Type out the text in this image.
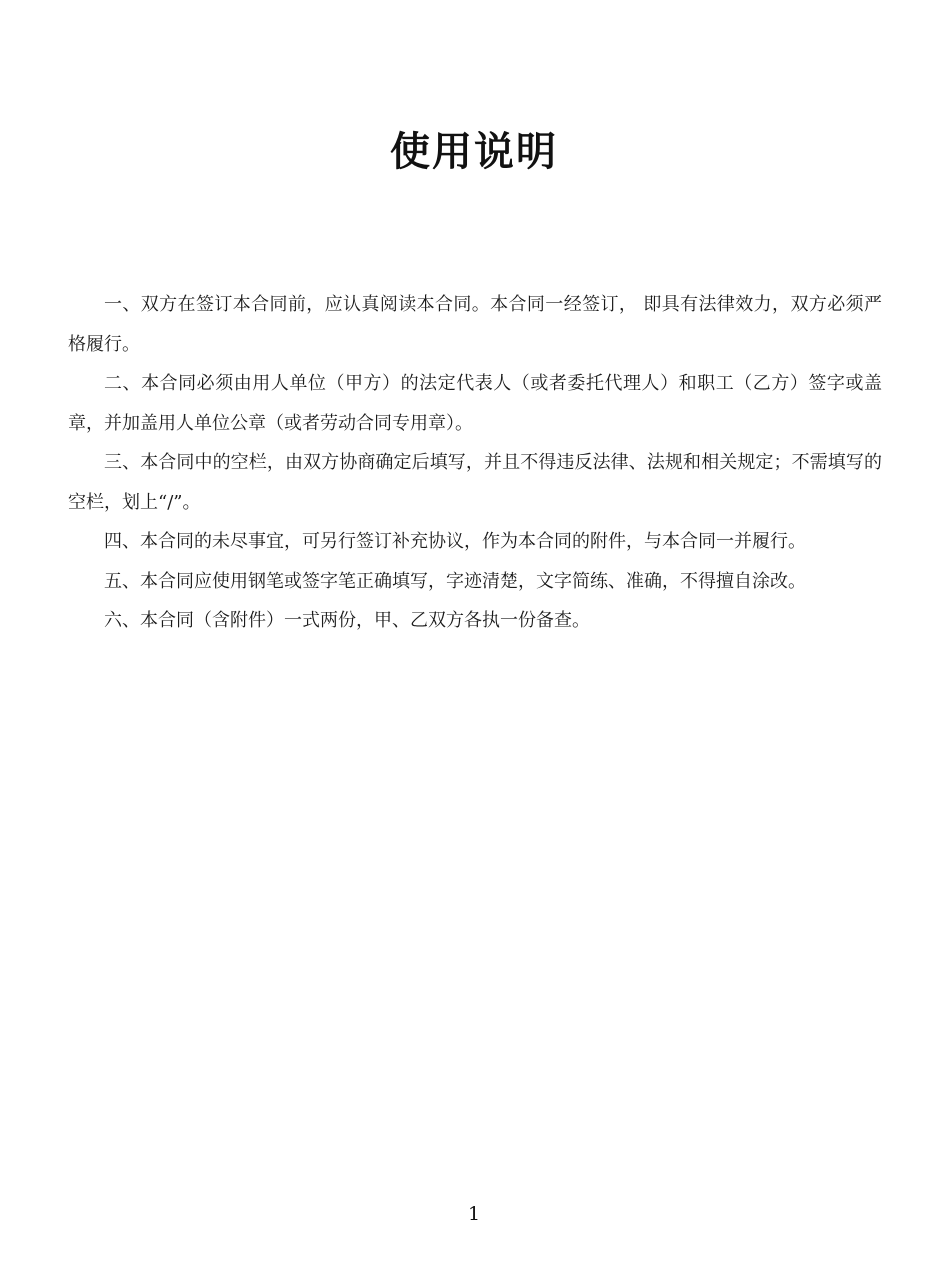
使用说明

一、双方在签订本合同前，应认真阅读本合同。本合同一经签订， 即具有法律效力，双方必须严格履行。

二、本合同必须由用人单位（甲方）的法定代表人（或者委托代理人）和职工（乙方）签字或盖章，并加盖用人单位公章（或者劳动合同专用章）。

三、本合同中的空栏，由双方协商确定后填写，并且不得违反法律、法规和相关规定；不需填写的空栏，划上“/”。

四、本合同的未尽事宜，可另行签订补充协议，作为本合同的附件，与本合同一并履行。

五、本合同应使用钢笔或签字笔正确填写，字迹清楚，文字简练、准确，不得擅自涂改。

六、本合同（含附件）一式两份，甲、乙双方各执一份备查。

1
